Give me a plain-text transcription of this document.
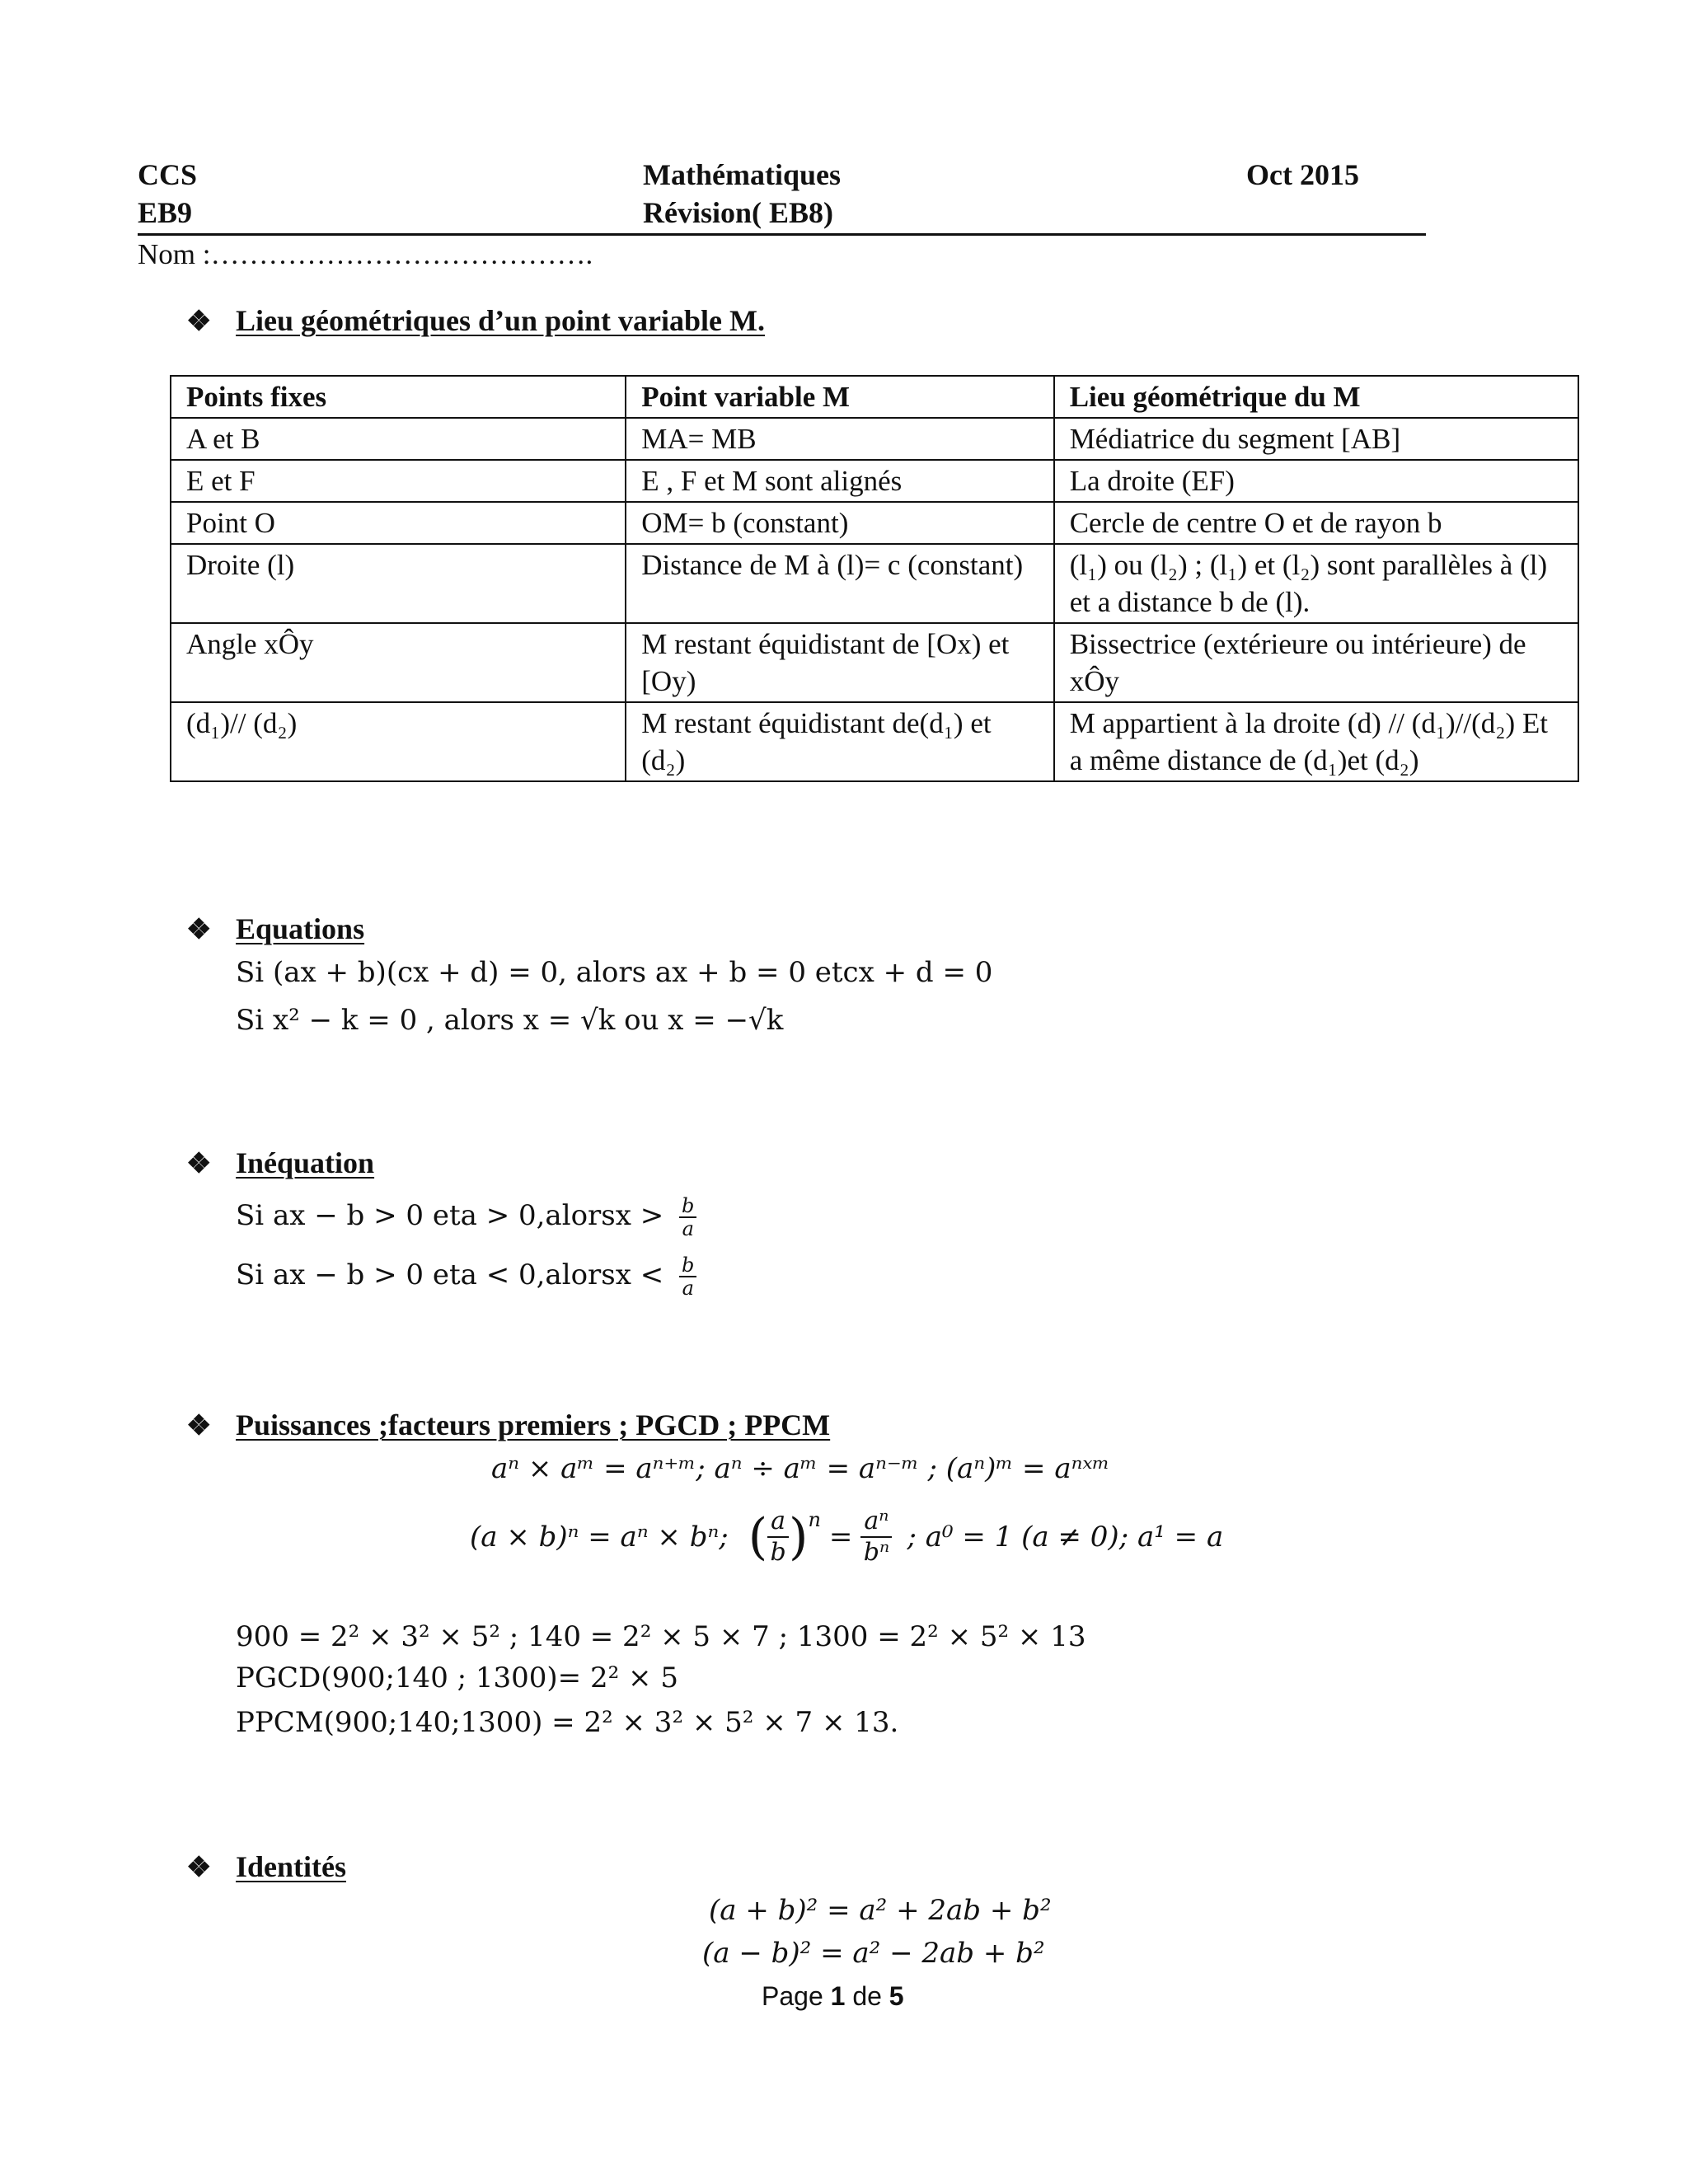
CCS
EB9
Mathématiques
Révision( EB8)
Oct 2015
Nom :………………………………….
❖ Lieu géométriques d’un point variable M.
Points fixes	Point variable M	Lieu géométrique du M
A et B	MA= MB	Médiatrice du segment [AB]
E et F	E , F et M sont alignés	La droite (EF)
Point O	OM= b (constant)	Cercle de centre O et de rayon b
Droite (l)	Distance de M à (l)= c (constant)	(l₁) ou (l₂) ; (l₁) et (l₂) sont parallèles à (l) et a distance b de (l).
Angle xÔy	M restant équidistant de [Ox) et [Oy)	Bissectrice (extérieure ou intérieure) de xÔy
(d₁)// (d₂)	M restant équidistant de(d₁) et (d₂)	M appartient à la droite (d) // (d₁)//(d₂) Et a même distance de (d₁)et (d₂)
❖ Equations
Si (ax + b)(cx + d) = 0, alors ax + b = 0 etcx + d = 0
Si x² − k = 0 , alors x = √k ou x = −√k
❖ Inéquation
Si ax − b > 0 eta > 0,alorsx > $\frac{b}{a}$
Si ax − b > 0 eta < 0,alorsx < $\frac{b}{a}$
❖ Puissances ;facteurs premiers ; PGCD ; PPCM
aⁿ × aᵐ = aⁿ⁺ᵐ; aⁿ ÷ aᵐ = aⁿ⁻ᵐ ; (aⁿ)ᵐ = aⁿˣᵐ
(a × b)ⁿ = aⁿ × bⁿ; ( $\frac{a}{b}$ ) n
= $\frac{\text{aⁿ}}{\text{bⁿ}}$ ; a⁰ = 1 (a ≠ 0); a¹ = a
900 = 2² × 3² × 5² ; 140 = 2² × 5 × 7 ; 1300 = 2² × 5² × 13
PGCD(900;140 ; 1300)= 2² × 5
PPCM(900;140;1300) = 2² × 3² × 5² × 7 × 13.
❖ Identités
(a + b)² = a² + 2ab + b²
(a − b)² = a² − 2ab + b²
Page 1 de 5
